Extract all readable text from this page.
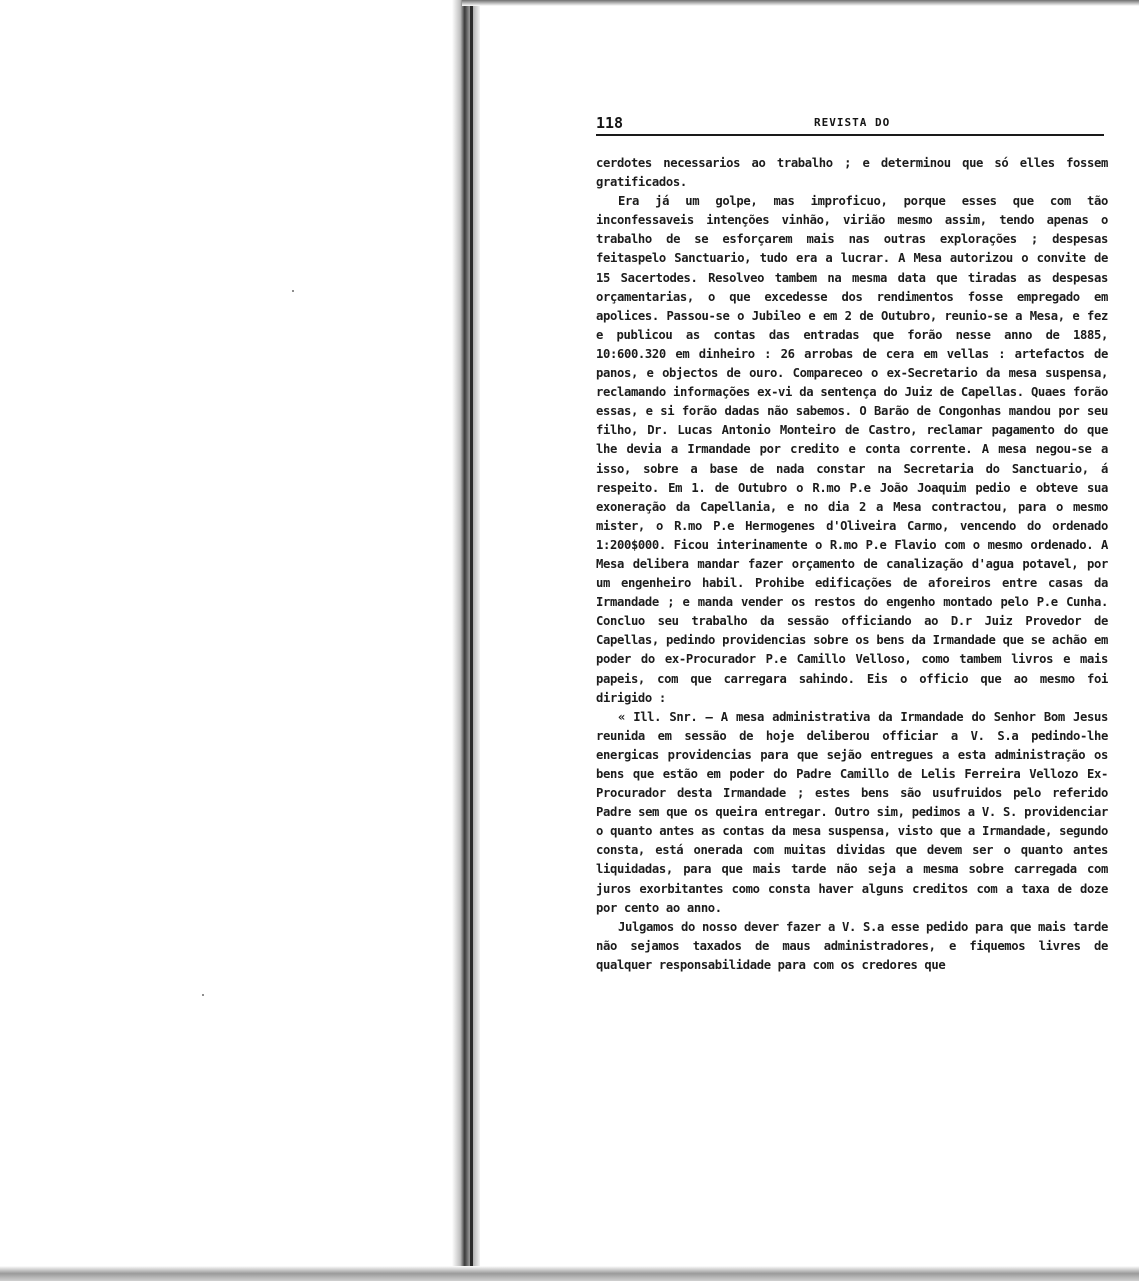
118	REVISTA DO

cerdotes necessarios ao trabalho ; e determinou que só elles fossem gratificados.

Era já um golpe, mas improficuo, porque esses que com tão inconfessaveis intenções vinhão, virião mesmo assim, tendo apenas o trabalho de se esforçarem mais nas outras explorações ; despesas feitaspelo Sanctuario, tudo era a lucrar. A Mesa autorizou o convite de 15 Sacertodes. Resolveo tambem na mesma data que tiradas as despesas orçamentarias, o que excedesse dos rendimentos fosse empregado em apolices. Passou-se o Jubileo e em 2 de Outubro, reunio-se a Mesa, e fez e publicou as contas das entradas que forão nesse anno de 1885, 10:600.320 em dinheiro : 26 arrobas de cera em vellas : artefactos de panos, e objectos de ouro. Compareceo o ex-Secretario da mesa suspensa, reclamando informações ex-vi da sentença do Juiz de Capellas. Quaes forão essas, e si forão dadas não sabemos. O Barão de Congonhas mandou por seu filho, Dr. Lucas Antonio Monteiro de Castro, reclamar pagamento do que lhe devia a Irmandade por credito e conta corrente. A mesa negou-se a isso, sobre a base de nada constar na Secretaria do Sanctuario, á respeito. Em 1. de Outubro o R.mo P.e João Joaquim pedio e obteve sua exoneração da Capellania, e no dia 2 a Mesa contractou, para o mesmo mister, o R.mo P.e Hermogenes d'Oliveira Carmo, vencendo do ordenado 1:200$000. Ficou interinamente o R.mo P.e Flavio com o mesmo ordenado. A Mesa delibera mandar fazer orçamento de canalização d'agua potavel, por um engenheiro habil. Prohibe edificações de aforeiros entre casas da Irmandade ; e manda vender os restos do engenho montado pelo P.e Cunha. Concluo seu trabalho da sessão officiando ao D.r Juiz Provedor de Capellas, pedindo providencias sobre os bens da Irmandade que se achão em poder do ex-Procurador P.e Camillo Velloso, como tambem livros e mais papeis, com que carregara sahindo. Eis o officio que ao mesmo foi dirigido :

« Ill. Snr. — A mesa administrativa da Irmandade do Senhor Bom Jesus reunida em sessão de hoje deliberou officiar a V. S.a pedindo-lhe energicas providencias para que sejão entregues a esta administração os bens que estão em poder do Padre Camillo de Lelis Ferreira Vellozo Ex-Procurador desta Irmandade ; estes bens são usufruidos pelo referido Padre sem que os queira entregar. Outro sim, pedimos a V. S. providenciar o quanto antes as contas da mesa suspensa, visto que a Irmandade, segundo consta, está onerada com muitas dividas que devem ser o quanto antes liquidadas, para que mais tarde não seja a mesma sobre carregada com juros exorbitantes como consta haver alguns creditos com a taxa de doze por cento ao anno.

Julgamos do nosso dever fazer a V. S.a esse pedido para que mais tarde não sejamos taxados de maus administradores, e fiquemos livres de qualquer responsabilidade para com os credores que
